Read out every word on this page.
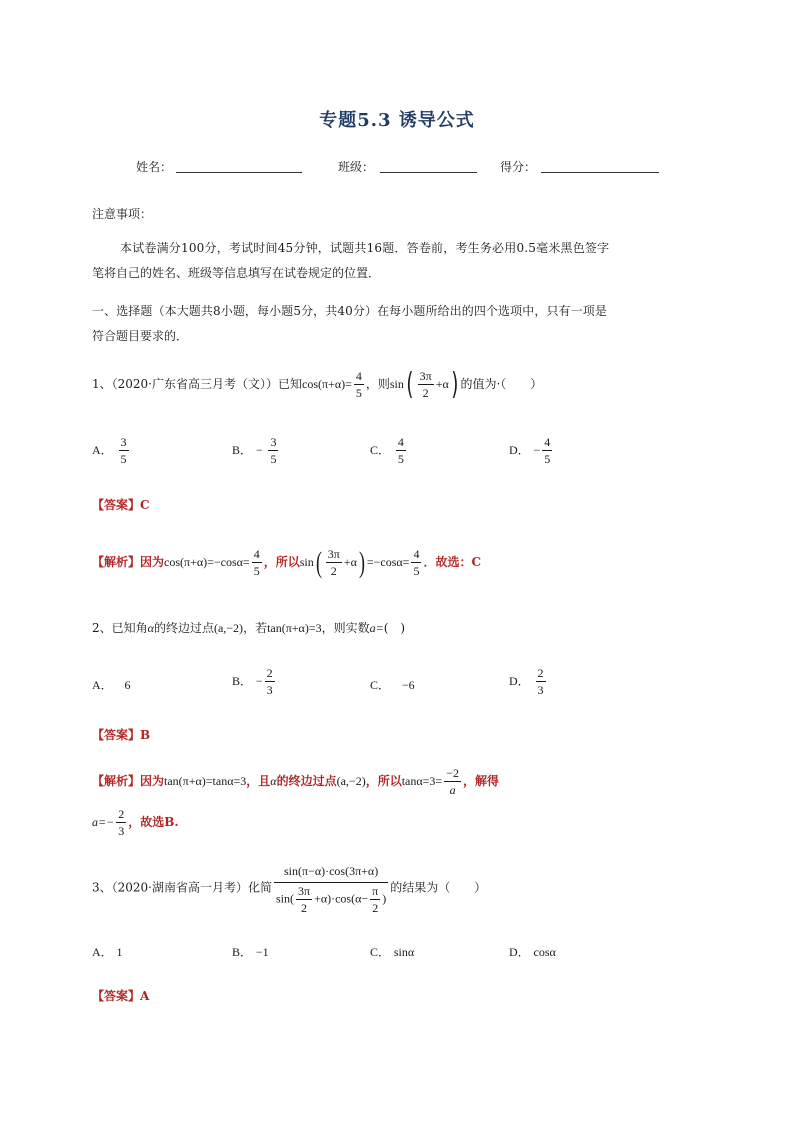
专题5.3 诱导公式
姓名：	班级：	得分：
注意事项：
本试卷满分100分，考试时间45分钟，试题共16题．答卷前，考生务必用0.5毫米黑色签字
笔将自己的姓名、班级等信息填写在试卷规定的位置．
一、选择题（本大题共8小题，每小题5分，共40分）在每小题所给出的四个选项中，只有一项是
符合题目要求的．
1、（2020·广东省高三月考（文））已知$\cos(\pi+\alpha)= \frac{4}{5}$ ，则$\sin( \frac{3\pi}{2} +\alpha)$ 的值为·（　　）
A． $\frac{3}{5}$	B． − $\frac{3}{5}$	C． $\frac{4}{5}$	D． − $\frac{4}{5}$
【答案】C
【解析】因为$\cos(\pi+\alpha)=-\cos\alpha= \frac{4}{5}$ ，所以$\sin( \frac{3\pi}{2} +\alpha) =-\cos\alpha= \frac{4}{5}$ ．故选：C
2、已知角α的终边过点(a,−2)，若tan(π+α)=3，则实数a=(　)
A． 6	B． − $\frac{2}{3}$	C． −6	D． $\frac{2}{3}$
【答案】B
【解析】因为tan(π+α)=tanα=3，且α的终边过点(a,−2)，所以$\tan\alpha=3= \frac{-2}{a}$ ，解得
$a=- \frac{2}{3}$ ，故选B.
3、（2020·湖南省高一月考）化简 $\frac{\sin(\pi-\alpha)\cdot\cos(3\pi+\alpha)}{\sin( \frac{3\pi}{2} +\alpha)\cdot\cos(\alpha- \frac{\pi}{2} )}$ 的结果为（　　）
A． 1	B． −1	C． sinα	D． cosα
【答案】A
